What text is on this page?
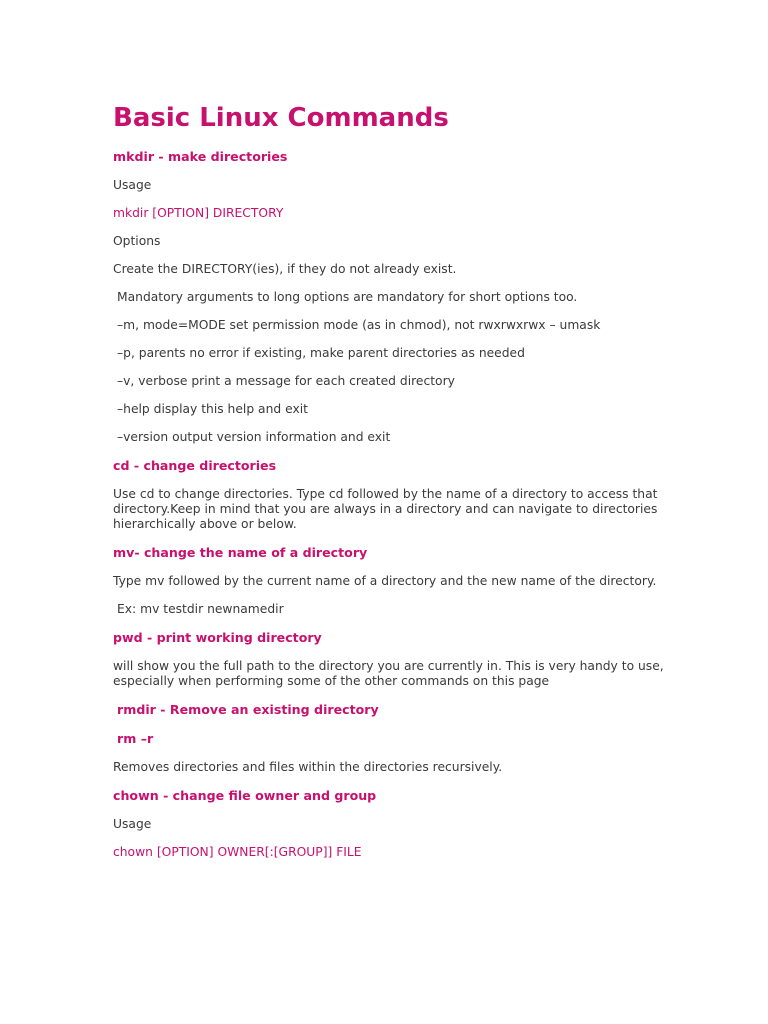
Basic Linux Commands
mkdir - make directories
Usage
mkdir [OPTION] DIRECTORY
Options
Create the DIRECTORY(ies), if they do not already exist.
Mandatory arguments to long options are mandatory for short options too.
–m, mode=MODE set permission mode (as in chmod), not rwxrwxrwx – umask
–p, parents no error if existing, make parent directories as needed
–v, verbose print a message for each created directory
–help display this help and exit
–version output version information and exit
cd - change directories
Use cd to change directories. Type cd followed by the name of a directory to access that directory.Keep in mind that you are always in a directory and can navigate to directories hierarchically above or below.
mv- change the name of a directory
Type mv followed by the current name of a directory and the new name of the directory.
Ex: mv testdir newnamedir
pwd - print working directory
will show you the full path to the directory you are currently in. This is very handy to use, especially when performing some of the other commands on this page
rmdir - Remove an existing directory
rm –r
Removes directories and files within the directories recursively.
chown - change file owner and group
Usage
chown [OPTION] OWNER[:[GROUP]] FILE
